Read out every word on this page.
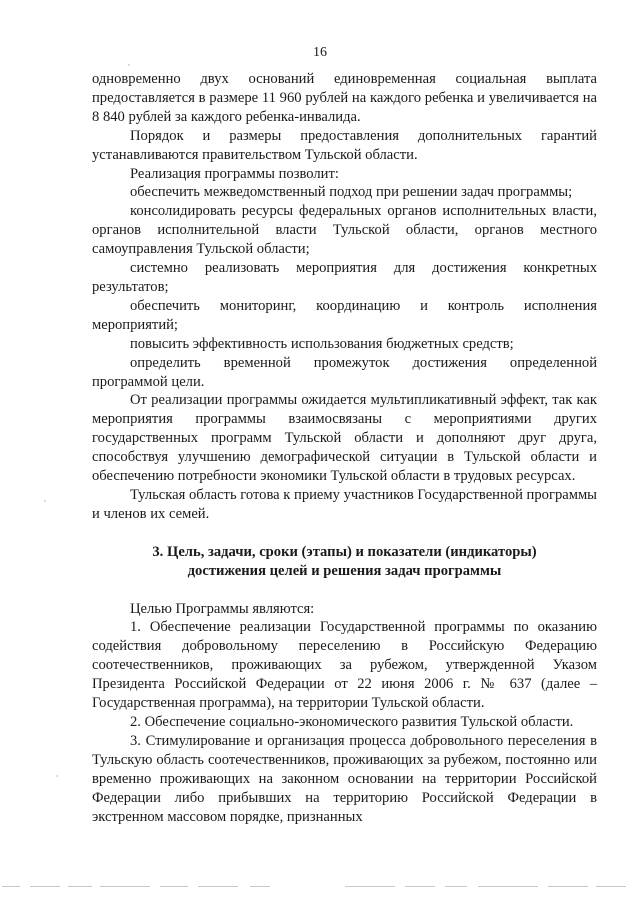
16

одновременно двух оснований единовременная социальная выплата предоставляется в размере 11 960 рублей на каждого ребенка и увеличивается на 8 840 рублей за каждого ребенка-инвалида.

Порядок и размеры предоставления дополнительных гарантий устанавливаются правительством Тульской области.

Реализация программы позволит:

обеспечить межведомственный подход при решении задач программы;

консолидировать ресурсы федеральных органов исполнительных власти, органов исполнительной власти Тульской области, органов местного самоуправления Тульской области;

системно реализовать мероприятия для достижения конкретных результатов;

обеспечить мониторинг, координацию и контроль исполнения мероприятий;

повысить эффективность использования бюджетных средств;

определить временной промежуток достижения определенной программой цели.

От реализации программы ожидается мультипликативный эффект, так как мероприятия программы взаимосвязаны с мероприятиями других государственных программ Тульской области и дополняют друг друга, способствуя улучшению демографической ситуации в Тульской области и обеспечению потребности экономики Тульской области в трудовых ресурсах.

Тульская область готова к приему участников Государственной программы и членов их семей.

3. Цель, задачи, сроки (этапы) и показатели (индикаторы)
достижения целей и решения задач программы

Целью Программы являются:

1. Обеспечение реализации Государственной программы по оказанию содействия добровольному переселению в Российскую Федерацию соотечественников, проживающих за рубежом, утвержденной Указом Президента Российской Федерации от 22 июня 2006 г. № 637 (далее – Государственная программа), на территории Тульской области.

2. Обеспечение социально-экономического развития Тульской области.

3. Стимулирование и организация процесса добровольного переселения в Тульскую область соотечественников, проживающих за рубежом, постоянно или временно проживающих на законном основании на территории Российской Федерации либо прибывших на территорию Российской Федерации в экстренном массовом порядке, признанных
